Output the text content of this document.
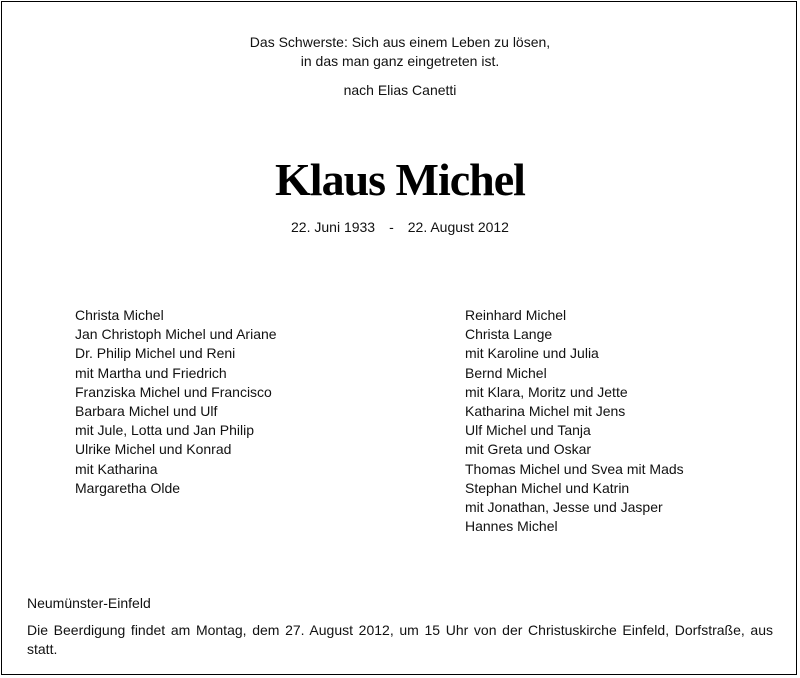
Das Schwerste: Sich aus einem Leben zu lösen,
in das man ganz eingetreten ist.
nach Elias Canetti
Klaus Michel
22. Juni 1933 - 22. August 2012
Christa Michel
Jan Christoph Michel und Ariane
Dr. Philip Michel und Reni
mit Martha und Friedrich
Franziska Michel und Francisco
Barbara Michel und Ulf
mit Jule, Lotta und Jan Philip
Ulrike Michel und Konrad
mit Katharina
Margaretha Olde
Reinhard Michel
Christa Lange
mit Karoline und Julia
Bernd Michel
mit Klara, Moritz und Jette
Katharina Michel mit Jens
Ulf Michel und Tanja
mit Greta und Oskar
Thomas Michel und Svea mit Mads
Stephan Michel und Katrin
mit Jonathan, Jesse und Jasper
Hannes Michel
Neumünster-Einfeld
Die Beerdigung findet am Montag, dem 27. August 2012, um 15 Uhr von der Christuskirche Einfeld, Dorfstraße, aus statt.
